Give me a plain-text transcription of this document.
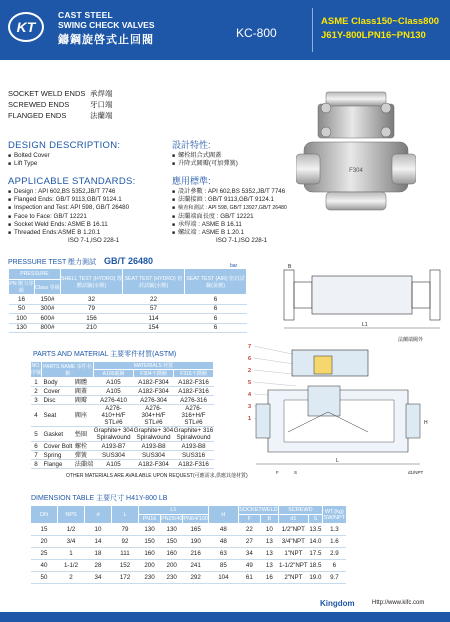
KT
CAST STEEL
SWING CHECK VALVES
鑄鋼旋啓式止回閥	KC-800
ASME Class150~Class800
J61Y-800LPN16~PN130
SOCKET WELD ENDS 承焊端
SCREWED ENDS	牙口端
FLANGED ENDS	法蘭端
DESIGN DESCRIPTION:
■ Bolted Cover
■ Lift Type
設計特性:
■ 螺栓組合式閥蓋
■ 升降式閥瓣(可加彈簧)
APPLICABLE STANDARDS:
■ Design : API 602,BS 5352,JB/T 7746
■ Flanged Ends: GB/T 9113,GB/T 9124.1
■ Inspection and Test: API 598, GB/T 26480
■ Face to Face: GB/T 12221
■ Socket Weld Ends: ASME B 16.11
■ Threaded Ends:ASME B 1.20.1
ISO 7-1,ISO 228-1
應用標準:
■ 設計參數 : API 602,BS 5352,JB/T 7746
■ 法蘭接頭 : GB/T 9113,GB/T 9124.1
■ 檢查和測試 : API 598, GB/T 13927,GB/T 26480
■ 法蘭端面長度 : GB/T 12221
■ 承焊端 : ASME B 16.11
■ 螺紋端 : ASME B 1.20.1
ISO 7-1,ISO 228-1
F304
PRESSURE TEST 壓力測試 GB/T 26480	bar
PRESSURE		SHELL TEST (HYDRO) 殼體試驗(水壓)	SEAT TEST (HYDRO) 密封試驗(水壓)	SEAT TEST (AIR) 密封試驗(氣壓)
PN 壓力等級	Class 等級			
16	150#	32	22	6
50	300#	79	57	6
100	600#	156	114	6
130	800#	210	154	6
B
L1
法蘭端閥外
PARTS AND MATERIAL 主要零件材質(ASTM)
NO. 序號	PARTS NAME 零件名稱		MATERIALS 材質		
			A105碳鋼	F304不銹鋼	F316不銹鋼
1	Body	閥體	A105	A182-F304	A182-F316
2	Cover	閥蓋	A105	A182-F304	A182-F316
3	Disc	閥瓣	A276-410	A276-304	A276-316
4	Seat	閥座	A276-410+H/F STL#6	A276-304+H/F STL#6	A276-316+H/F STL#6
5	Gasket	墊圈	Graphite+ 304 Spiralwound	Graphite+ 304 Spiralwound	Graphite+ 316 Spiralwound
6	Cover Bolt	螺栓	A193-B7	A193-B8	A193-B8
7	Spring	彈簧	SUS304	SUS304	SUS316
8	Flange	法蘭端	A105	A182-F304	A182-F316
OTHER MATERIALS ARE AVAILABLE UPON REQUEST(可應需求,供應其他材質)
7
6
2
5
4
3
1
L
H
d1/NPT
S
F
DIMENSION TABLE 主要尺寸 H41Y-800 LB
DN	NPS	d	L	L1			H	SOCKETWELD		SCREWD		WT.(kg) SW/NPT
				PN16	PN25/40	PN64/100		F	B	d1	S	
15	1/2	10	79	130	130	165	48	22	10	1/2"NPT	13.5	1.3
20	3/4	14	92	150	150	190	48	27	13	3/4"NPT	14.0	1.6
25	1	18	111	160	160	216	63	34	13	1"NPT	17.5	2.9
40	1-1/2	28	152	200	200	241	85	49	13	1-1/2"NPT	18.5	6
50	2	34	172	230	230	292	104	61	16	2"NPT	19.0	9.7
Kingdom	Http://www.kifc.com
